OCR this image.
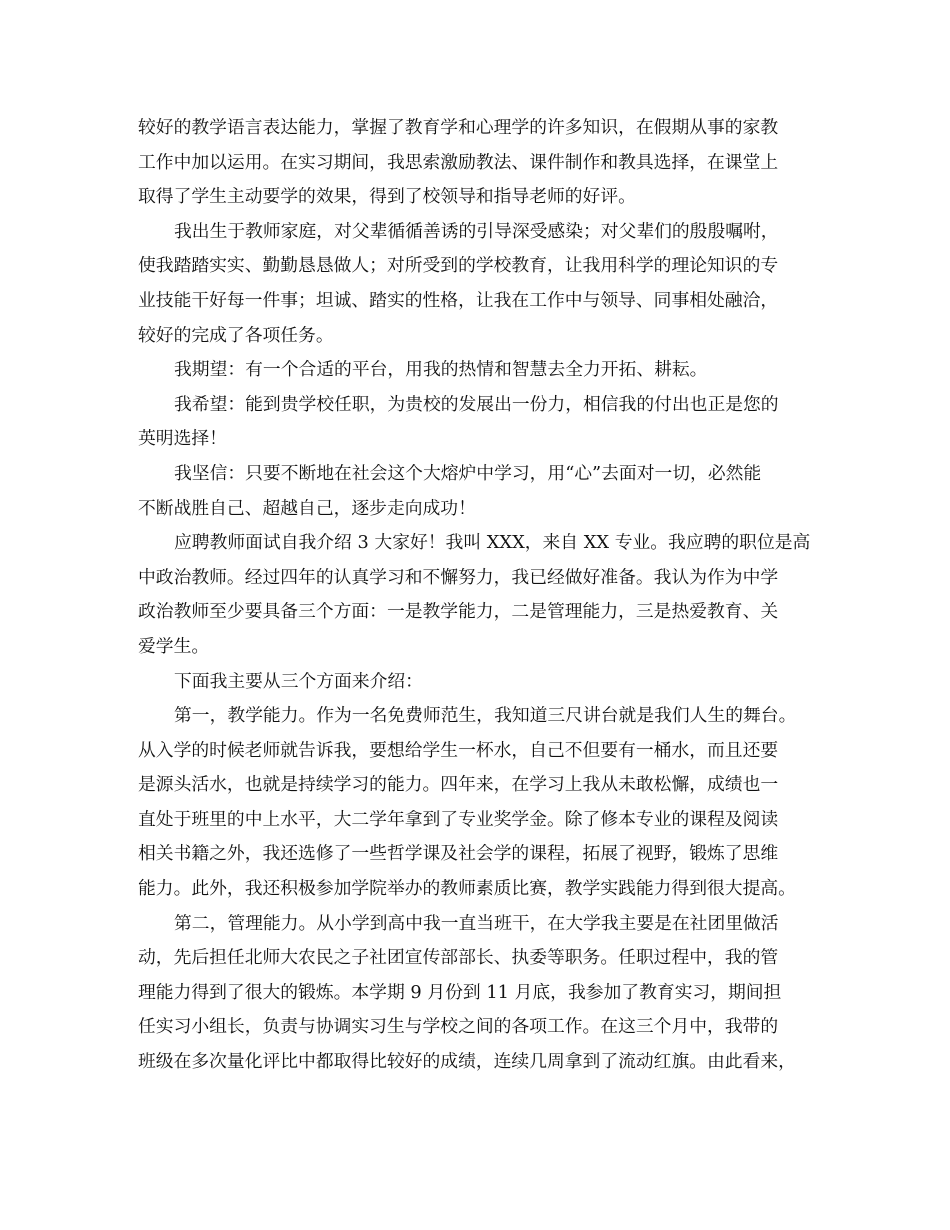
较好的教学语言表达能力，掌握了教育学和心理学的许多知识，在假期从事的家教
工作中加以运用。在实习期间，我思索激励教法、课件制作和教具选择，在课堂上
取得了学生主动要学的效果，得到了校领导和指导老师的好评。
我出生于教师家庭，对父辈循循善诱的引导深受感染；对父辈们的殷殷嘱咐，
使我踏踏实实、勤勤恳恳做人；对所受到的学校教育，让我用科学的理论知识的专
业技能干好每一件事；坦诚、踏实的性格，让我在工作中与领导、同事相处融洽，
较好的完成了各项任务。
我期望：有一个合适的平台，用我的热情和智慧去全力开拓、耕耘。
我希望：能到贵学校任职，为贵校的发展出一份力，相信我的付出也正是您的
英明选择！
我坚信：只要不断地在社会这个大熔炉中学习，用“心”去面对一切，必然能
不断战胜自己、超越自己，逐步走向成功！
应聘教师面试自我介绍 3 大家好！我叫 XXX，来自 XX 专业。我应聘的职位是高
中政治教师。经过四年的认真学习和不懈努力，我已经做好准备。我认为作为中学
政治教师至少要具备三个方面：一是教学能力，二是管理能力，三是热爱教育、关
爱学生。
下面我主要从三个方面来介绍：
第一，教学能力。作为一名免费师范生，我知道三尺讲台就是我们人生的舞台。
从入学的时候老师就告诉我，要想给学生一杯水，自己不但要有一桶水，而且还要
是源头活水，也就是持续学习的能力。四年来，在学习上我从未敢松懈，成绩也一
直处于班里的中上水平，大二学年拿到了专业奖学金。除了修本专业的课程及阅读
相关书籍之外，我还选修了一些哲学课及社会学的课程，拓展了视野，锻炼了思维
能力。此外，我还积极参加学院举办的教师素质比赛，教学实践能力得到很大提高。
第二，管理能力。从小学到高中我一直当班干，在大学我主要是在社团里做活
动，先后担任北师大农民之子社团宣传部部长、执委等职务。任职过程中，我的管
理能力得到了很大的锻炼。本学期 9 月份到 11 月底，我参加了教育实习，期间担
任实习小组长，负责与协调实习生与学校之间的各项工作。在这三个月中，我带的
班级在多次量化评比中都取得比较好的成绩，连续几周拿到了流动红旗。由此看来，
